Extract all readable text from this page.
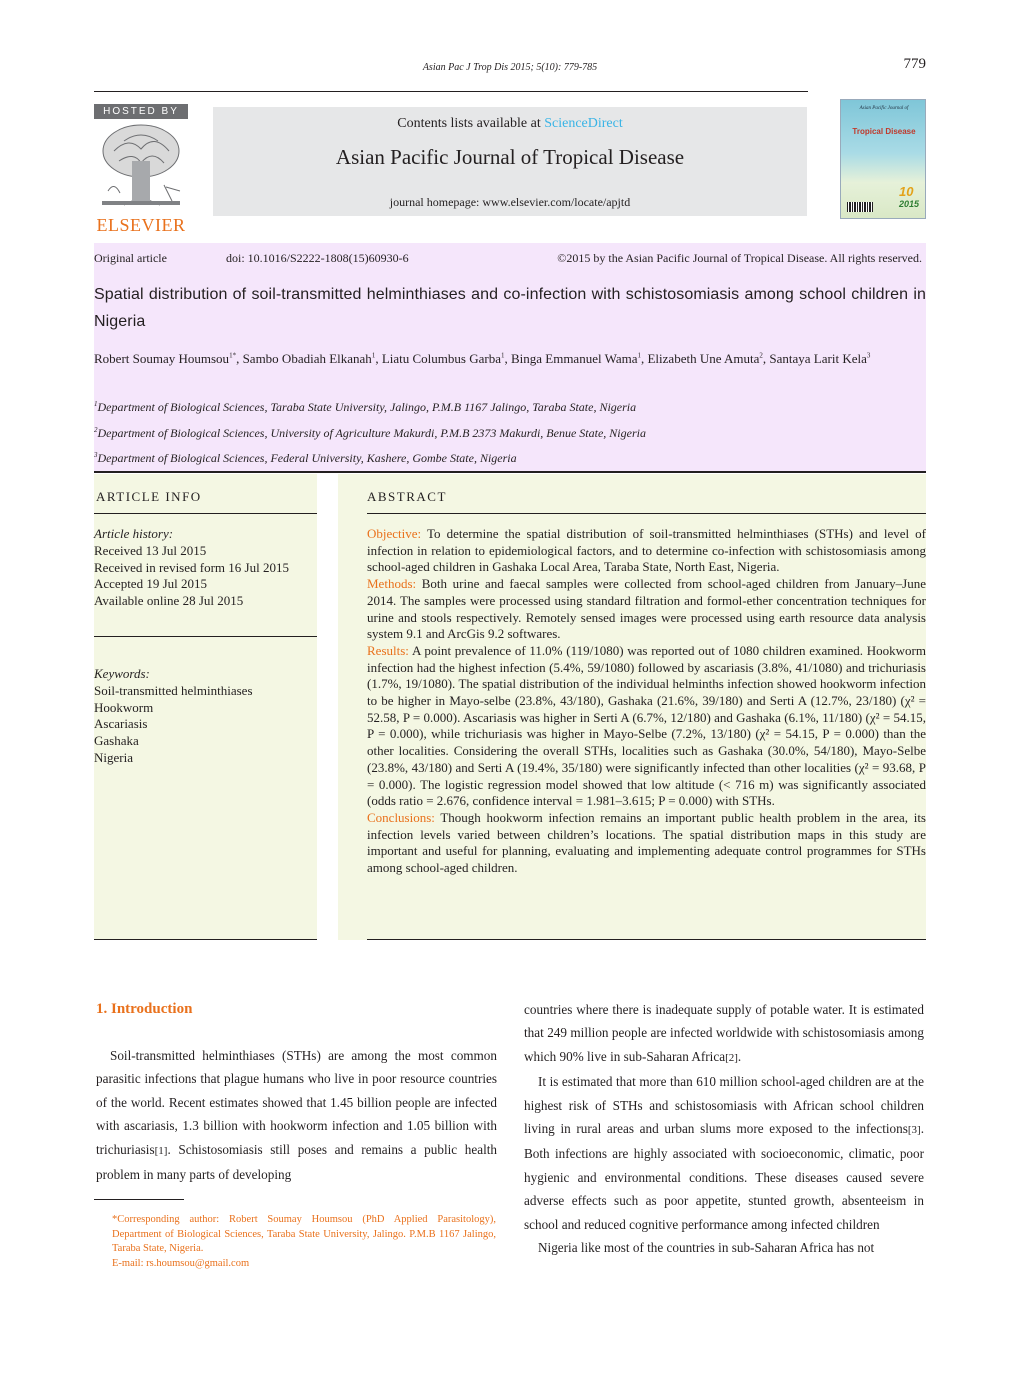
Asian Pac J Trop Dis 2015; 5(10): 779-785	779
HOSTED BY
ELSEVIER
Contents lists available at ScienceDirect
Asian Pacific Journal of Tropical Disease
journal homepage: www.elsevier.com/locate/apjtd
Asian Pacific Journal of
Tropical Disease
10
2015
Original article	doi: 10.1016/S2222-1808(15)60930-6	©2015 by the Asian Pacific Journal of Tropical Disease. All rights reserved.
Spatial distribution of soil-transmitted helminthiases and co-infection with schistosomiasis among school children in Nigeria
Robert Soumay Houmsou$^{1*}$, Sambo Obadiah Elkanah$^1$, Liatu Columbus Garba$^1$, Binga Emmanuel Wama$^1$, Elizabeth Une Amuta$^2$, Santaya Larit Kela$^3$
$^1$Department of Biological Sciences, Taraba State University, Jalingo, P.M.B 1167 Jalingo, Taraba State, Nigeria
$^2$Department of Biological Sciences, University of Agriculture Makurdi, P.M.B 2373 Makurdi, Benue State, Nigeria
$^3$Department of Biological Sciences, Federal University, Kashere, Gombe State, Nigeria
ARTICLE INFO
Article history:
Received 13 Jul 2015
Received in revised form 16 Jul 2015
Accepted 19 Jul 2015
Available online 28 Jul 2015
Keywords:
Soil-transmitted helminthiases
Hookworm
Ascariasis
Gashaka
Nigeria
ABSTRACT
Objective: To determine the spatial distribution of soil-transmitted helminthiases (STHs) and level of infection in relation to epidemiological factors, and to determine co-infection with schistosomiasis among school-aged children in Gashaka Local Area, Taraba State, North East, Nigeria.
Methods: Both urine and faecal samples were collected from school-aged children from January–June 2014. The samples were processed using standard filtration and formol-ether concentration techniques for urine and stools respectively. Remotely sensed images were processed using earth resource data analysis system 9.1 and ArcGis 9.2 softwares.
Results: A point prevalence of 11.0% (119/1080) was reported out of 1080 children examined. Hookworm infection had the highest infection (5.4%, 59/1080) followed by ascariasis (3.8%, 41/1080) and trichuriasis (1.7%, 19/1080). The spatial distribution of the individual helminths infection showed hookworm infection to be higher in Mayo-selbe (23.8%, 43/180), Gashaka (21.6%, 39/180) and Serti A (12.7%, 23/180) (χ² = 52.58, P = 0.000). Ascariasis was higher in Serti A (6.7%, 12/180) and Gashaka (6.1%, 11/180) (χ² = 54.15, P = 0.000), while trichuriasis was higher in Mayo-Selbe (7.2%, 13/180) (χ² = 54.15, P = 0.000) than the other localities. Considering the overall STHs, localities such as Gashaka (30.0%, 54/180), Mayo-Selbe (23.8%, 43/180) and Serti A (19.4%, 35/180) were significantly infected than other localities (χ² = 93.68, P = 0.000). The logistic regression model showed that low altitude (< 716 m) was significantly associated (odds ratio = 2.676, confidence interval = 1.981–3.615; P = 0.000) with STHs.
Conclusions: Though hookworm infection remains an important public health problem in the area, its infection levels varied between children’s locations. The spatial distribution maps in this study are important and useful for planning, evaluating and implementing adequate control programmes for STHs among school-aged children.
1. Introduction

Soil-transmitted helminthiases (STHs) are among the most common parasitic infections that plague humans who live in poor resource countries of the world. Recent estimates showed that 1.45 billion people are infected with ascariasis, 1.3 billion with hookworm infection and 1.05 billion with trichuriasis[1]. Schistosomiasis still poses and remains a public health problem in many parts of developing

*Corresponding author: Robert Soumay Houmsou (PhD Applied Parasitology), Department of Biological Sciences, Taraba State University, Jalingo. P.M.B 1167 Jalingo, Taraba State, Nigeria.
E-mail: rs.houmsou@gmail.com

countries where there is inadequate supply of potable water. It is estimated that 249 million people are infected worldwide with schistosomiasis among which 90% live in sub-Saharan Africa[2].

It is estimated that more than 610 million school-aged children are at the highest risk of STHs and schistosomiasis with African school children living in rural areas and urban slums more exposed to the infections[3]. Both infections are highly associated with socioeconomic, climatic, poor hygienic and environmental conditions. These diseases caused severe adverse effects such as poor appetite, stunted growth, absenteeism in school and reduced cognitive performance among infected children

Nigeria like most of the countries in sub-Saharan Africa has not
